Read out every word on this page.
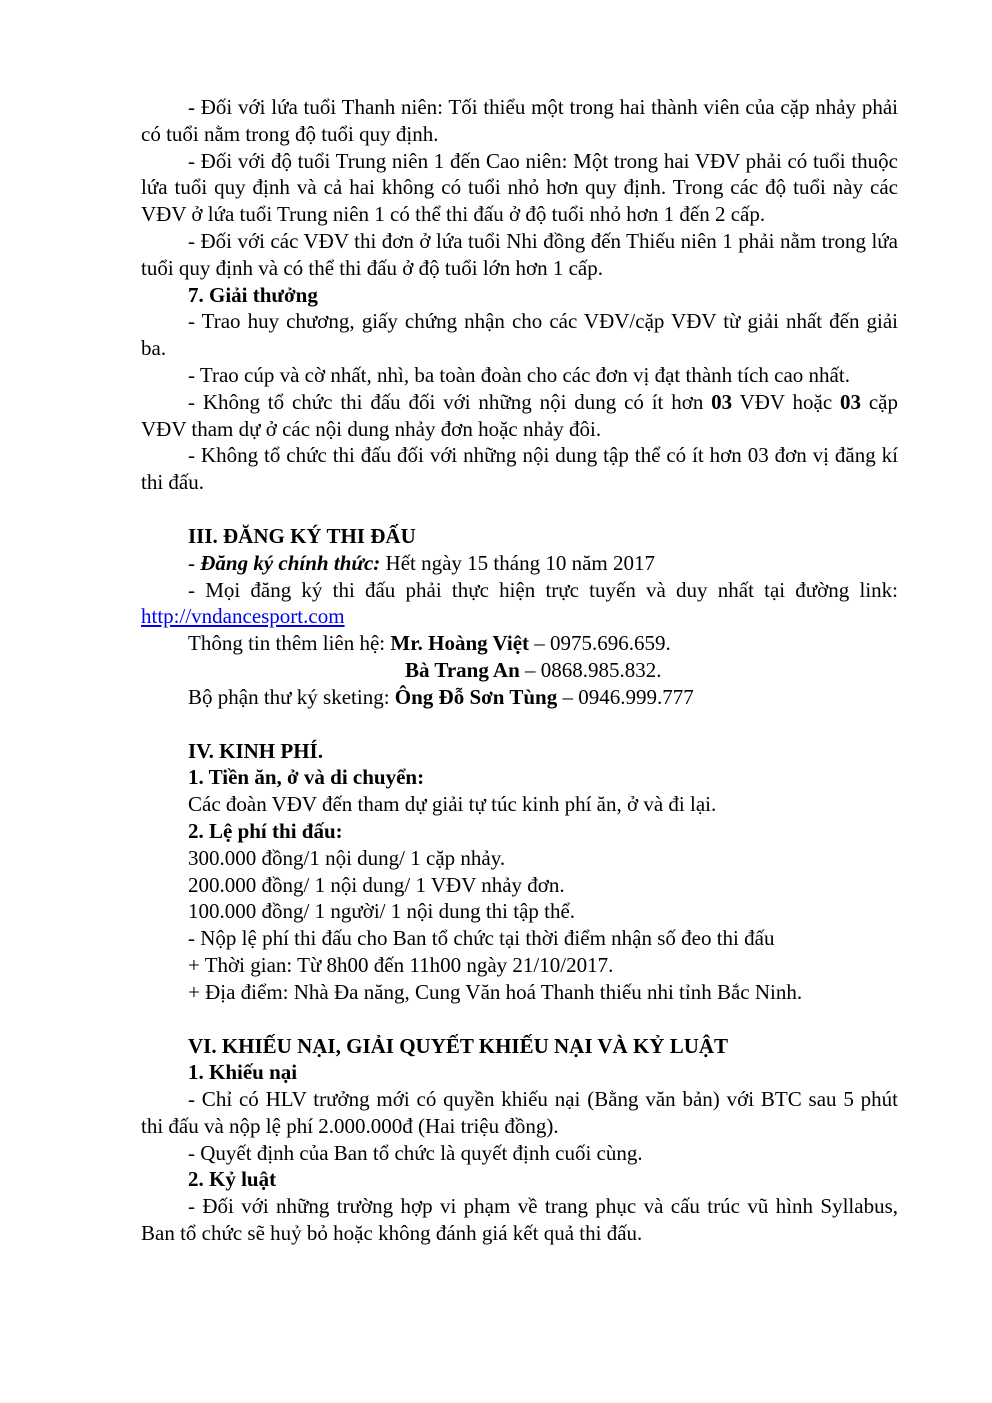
- Đối với lứa tuổi Thanh niên: Tối thiểu một trong hai thành viên của cặp nhảy phải có tuổi nằm trong độ tuổi quy định.

- Đối với độ tuổi Trung niên 1 đến Cao niên: Một trong hai VĐV phải có tuổi thuộc lứa tuổi quy định và cả hai không có tuổi nhỏ hơn quy định. Trong các độ tuổi này các VĐV ở lứa tuổi Trung niên 1 có thể thi đấu ở độ tuổi nhỏ hơn 1 đến 2 cấp.

- Đối với các VĐV thi đơn ở lứa tuổi Nhi đồng đến Thiếu niên 1 phải nằm trong lứa tuổi quy định và có thể thi đấu ở độ tuổi lớn hơn 1 cấp.

7. Giải thưởng

- Trao huy chương, giấy chứng nhận cho các VĐV/cặp VĐV từ giải nhất đến giải ba.

- Trao cúp và cờ nhất, nhì, ba toàn đoàn cho các đơn vị đạt thành tích cao nhất.

- Không tổ chức thi đấu đối với những nội dung có ít hơn 03 VĐV hoặc 03 cặp VĐV tham dự ở các nội dung nhảy đơn hoặc nhảy đôi.

- Không tổ chức thi đấu đối với những nội dung tập thể có ít hơn 03 đơn vị đăng kí thi đấu.

III. ĐĂNG KÝ THI ĐẤU

- Đăng ký chính thức: Hết ngày 15 tháng 10 năm 2017

- Mọi đăng ký thi đấu phải thực hiện trực tuyến và duy nhất tại đường link: http://vndancesport.com

Thông tin thêm liên hệ: Mr. Hoàng Việt – 0975.696.659.

Bà Trang An – 0868.985.832.

Bộ phận thư ký sketing: Ông Đỗ Sơn Tùng – 0946.999.777

IV. KINH PHÍ.

1. Tiền ăn, ở và di chuyển:

Các đoàn VĐV đến tham dự giải tự túc kinh phí ăn, ở và đi lại.

2. Lệ phí thi đấu:

300.000 đồng/1 nội dung/ 1 cặp nhảy.

200.000 đồng/ 1 nội dung/ 1 VĐV nhảy đơn.

100.000 đồng/ 1 người/ 1 nội dung thi tập thể.

- Nộp lệ phí thi đấu cho Ban tổ chức tại thời điểm nhận số đeo thi đấu

+ Thời gian: Từ 8h00 đến 11h00 ngày 21/10/2017.

+ Địa điểm: Nhà Đa năng, Cung Văn hoá Thanh thiếu nhi tỉnh Bắc Ninh.

VI. KHIẾU NẠI, GIẢI QUYẾT KHIẾU NẠI VÀ KỶ LUẬT

1. Khiếu nại

- Chỉ có HLV trưởng mới có quyền khiếu nại (Bằng văn bản) với BTC sau 5 phút thi đấu và nộp lệ phí 2.000.000đ (Hai triệu đồng).

- Quyết định của Ban tổ chức là quyết định cuối cùng.

2. Kỷ luật

- Đối với những trường hợp vi phạm về trang phục và cấu trúc vũ hình Syllabus, Ban tổ chức sẽ huỷ bỏ hoặc không đánh giá kết quả thi đấu.
